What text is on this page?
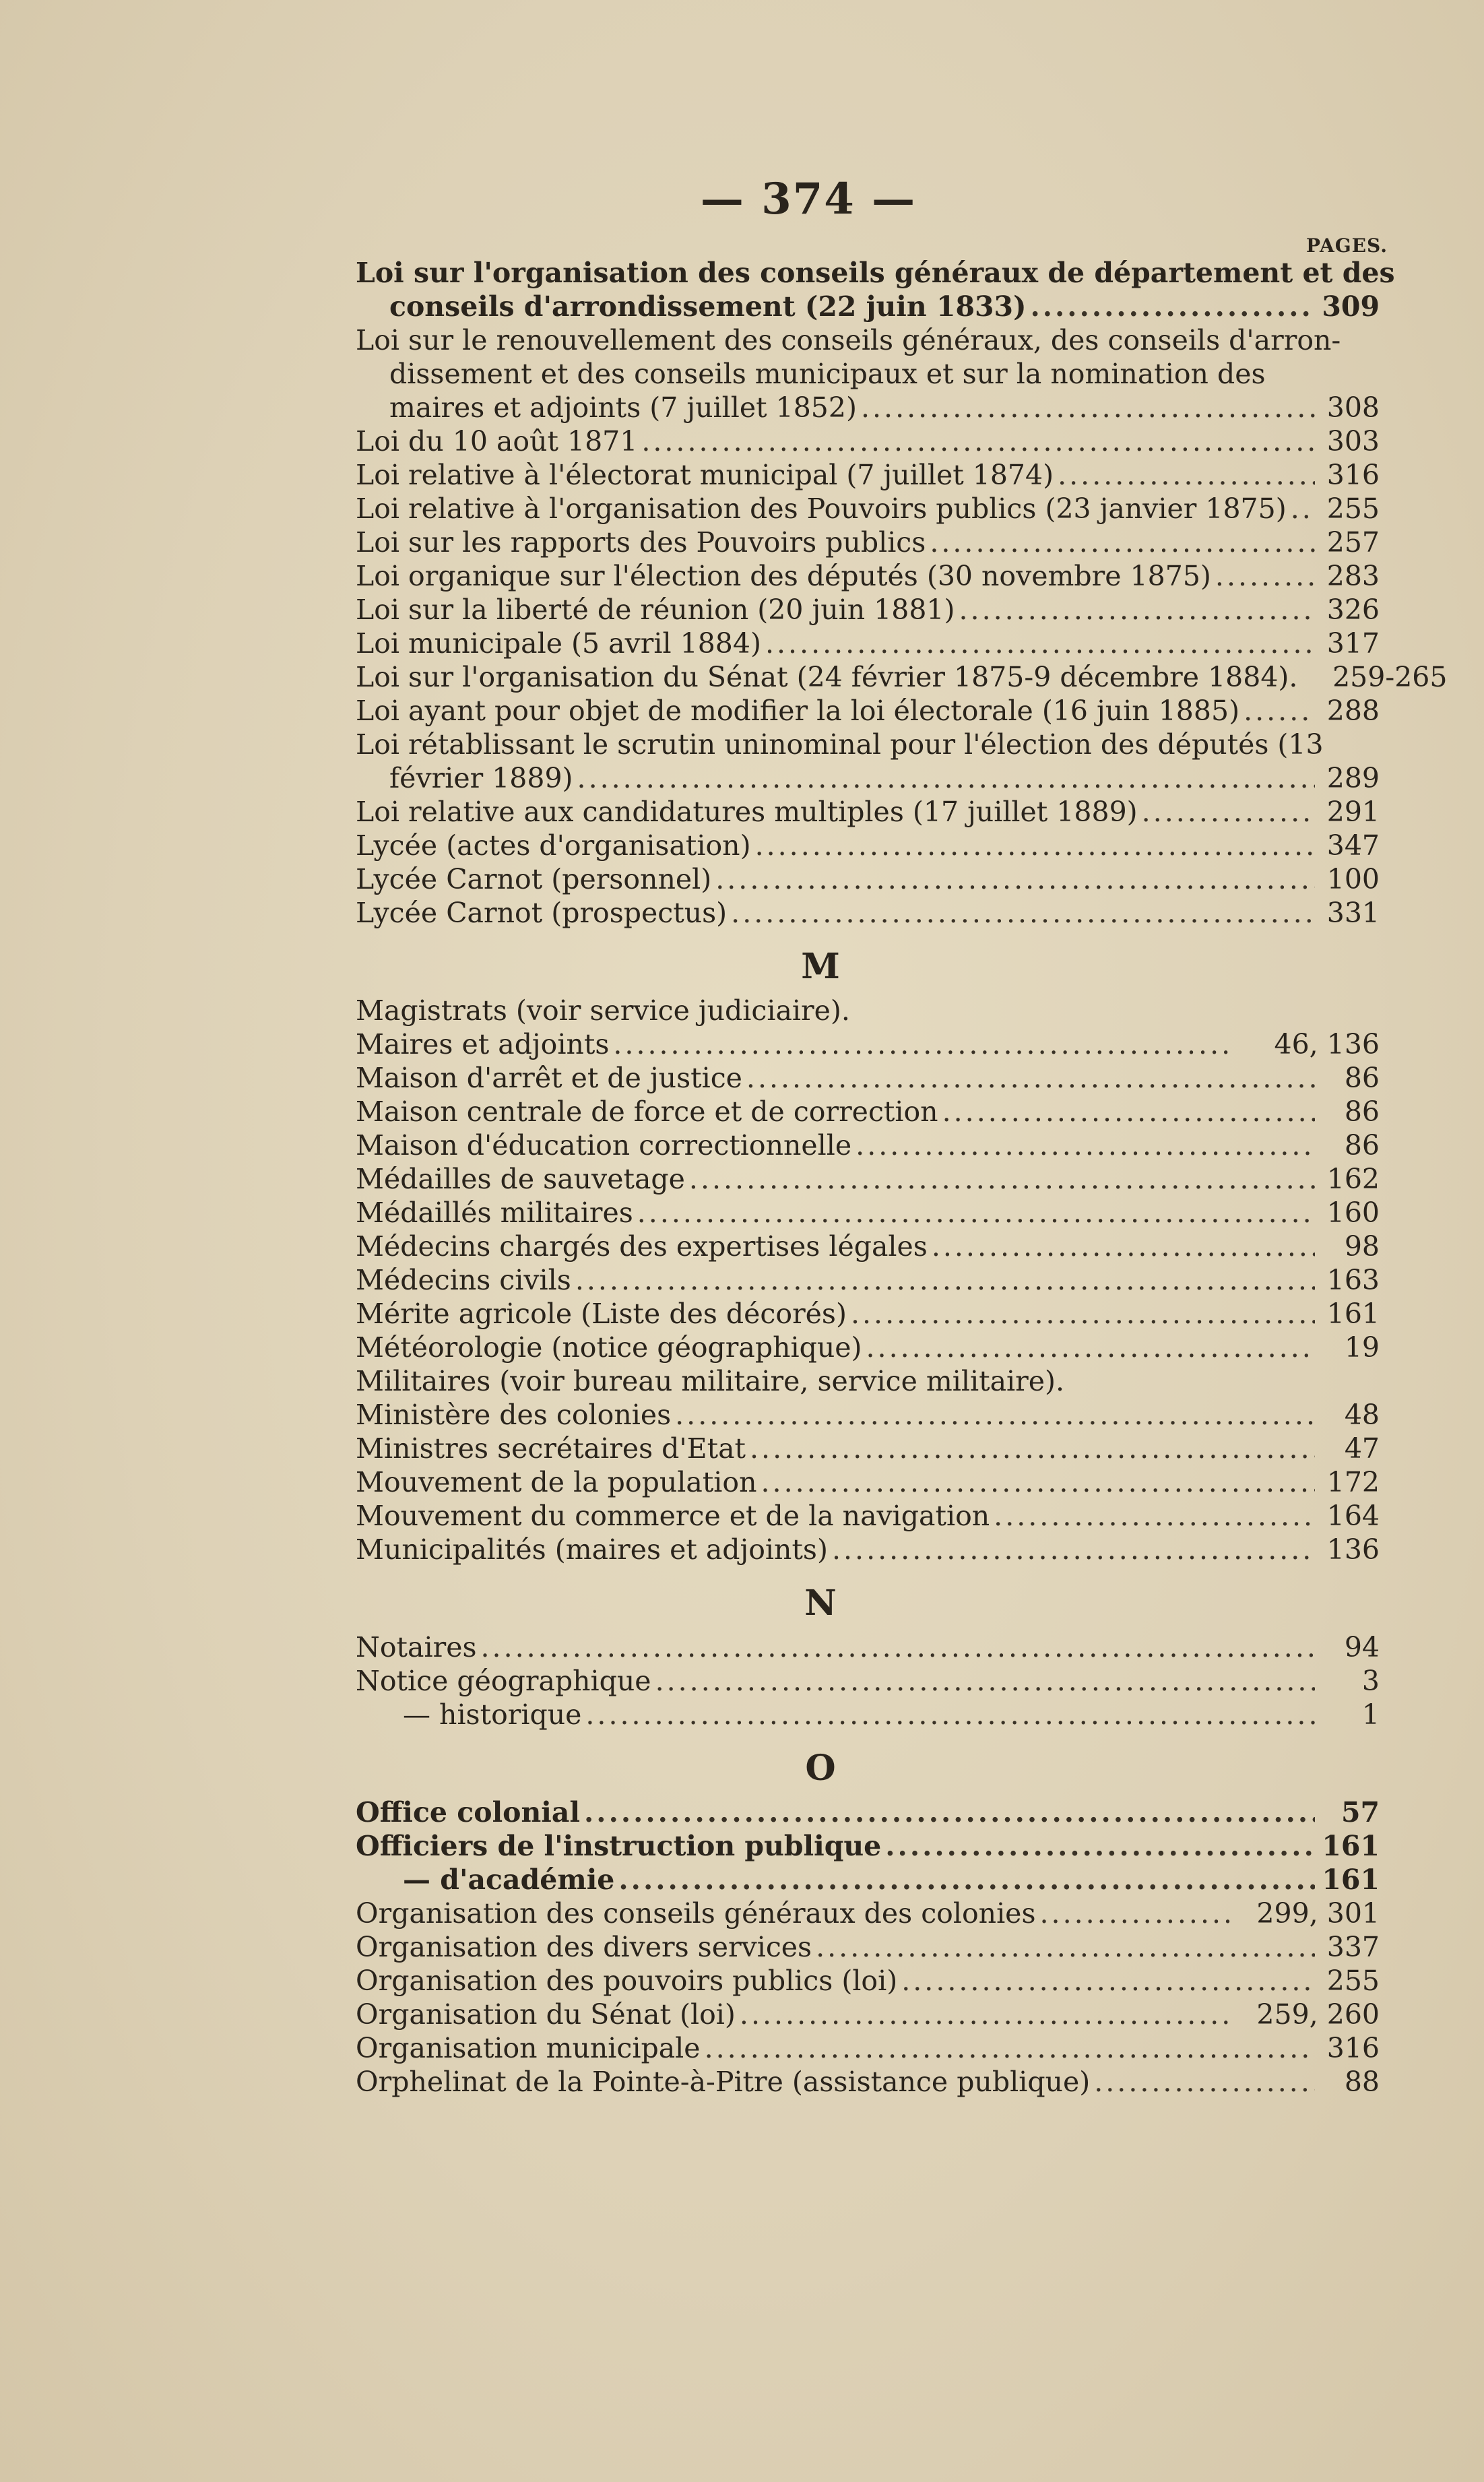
— 374 —
PAGES.
Loi sur l'organisation des conseils généraux de département et des
conseils d'arrondissement (22 juin 1833) .....	309
Loi sur le renouvellement des conseils généraux, des conseils d'arron-
dissement et des conseils municipaux et sur la nomination des
maires et adjoints (7 juillet 1852) .....	308
Loi du 10 août 1871 .....	303
Loi relative à l'électorat municipal (7 juillet 1874) .....	316
Loi relative à l'organisation des Pouvoirs publics (23 janvier 1875) ..... 255
Loi sur les rapports des Pouvoirs publics .....	257
Loi organique sur l'élection des députés (30 novembre 1875) .....	283
Loi sur la liberté de réunion (20 juin 1881) .....	326
Loi municipale (5 avril 1884) .....	317
Loi sur l'organisation du Sénat (24 février 1875-9 décembre 1884).	259-265
Loi ayant pour objet de modifier la loi électorale (16 juin 1885) .....	288
Loi rétablissant le scrutin uninominal pour l'élection des députés (13
février 1889) .....	289
Loi relative aux candidatures multiples (17 juillet 1889) .....	291
Lycée (actes d'organisation) .....	347
Lycée Carnot (personnel) .....	100
Lycée Carnot (prospectus) .....	331
M
Magistrats (voir service judiciaire).
Maires et adjoints .....	46, 136
Maison d'arrêt et de justice .....	86
Maison centrale de force et de correction .....	86
Maison d'éducation correctionnelle .....	86
Médailles de sauvetage .....	162
Médaillés militaires .....	160
Médecins chargés des expertises légales .....	98
Médecins civils .....	163
Mérite agricole (Liste des décorés) .....	161
Météorologie (notice géographique) .....	19
Militaires (voir bureau militaire, service militaire).
Ministère des colonies .....	48
Ministres secrétaires d'Etat .....	47
Mouvement de la population .....	172
Mouvement du commerce et de la navigation .....	164
Municipalités (maires et adjoints) .....	136
N
Notaires .....	94
Notice géographique .....	3
— historique .....	1
O
Office colonial .....	57
Officiers de l'instruction publique .....	161
— d'académie .....	161
Organisation des conseils généraux des colonies .....	299, 301
Organisation des divers services .....	337
Organisation des pouvoirs publics (loi) .....	255
Organisation du Sénat (loi) .....	259, 260
Organisation municipale .....	316
Orphelinat de la Pointe-à-Pitre (assistance publique) .....	88
